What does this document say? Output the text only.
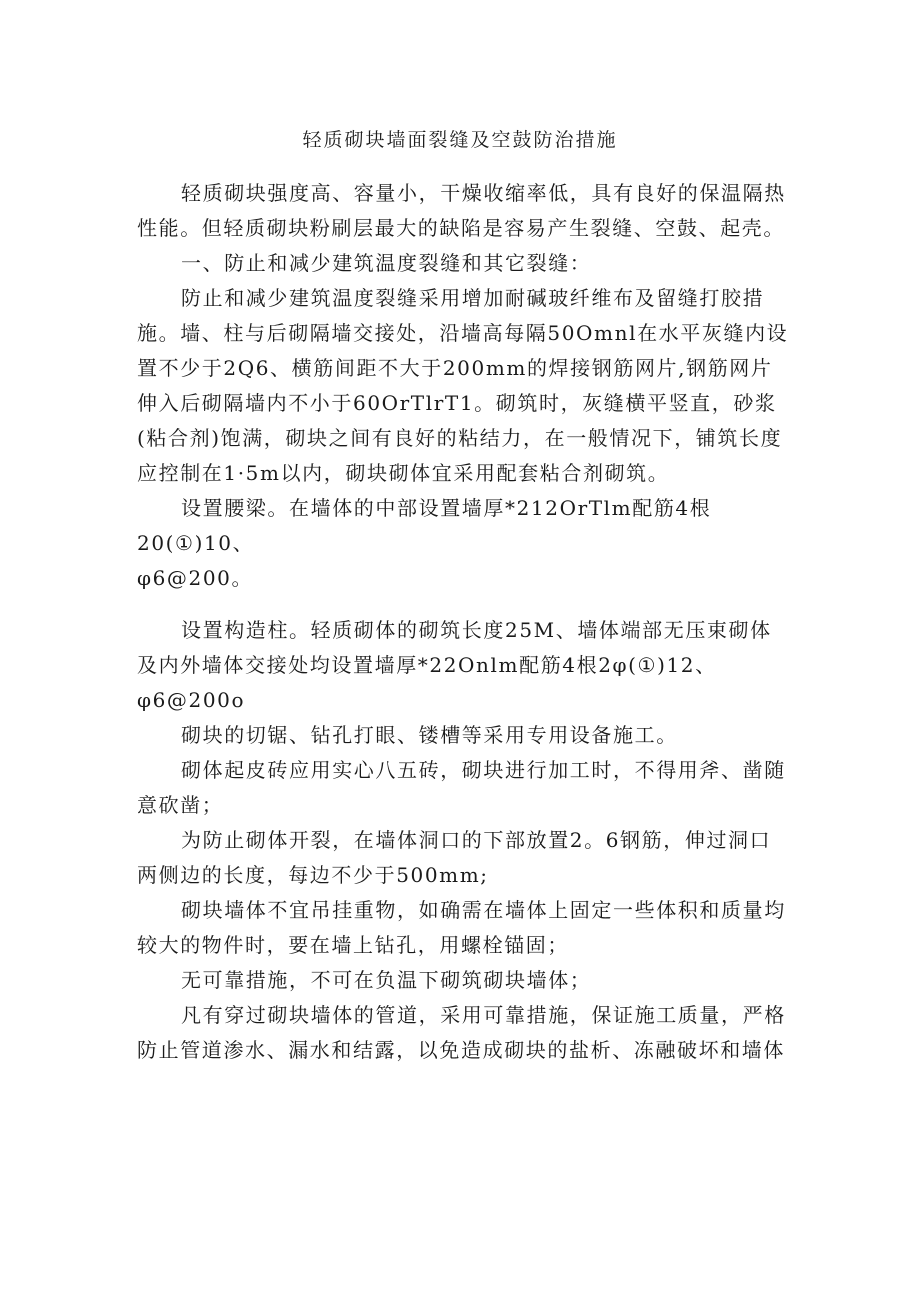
轻质砌块墙面裂缝及空鼓防治措施

轻质砌块强度高、容量小，干燥收缩率低，具有良好的保温隔热性能。但轻质砌块粉刷层最大的缺陷是容易产生裂缝、空鼓、起壳。

一、防止和减少建筑温度裂缝和其它裂缝：

防止和减少建筑温度裂缝采用增加耐碱玻纤维布及留缝打胶措施。墙、柱与后砌隔墙交接处，沿墙高每隔50Omnl在水平灰缝内设置不少于2Q6、横筋间距不大于200mm的焊接钢筋网片,钢筋网片伸入后砌隔墙内不小于60OrTlrT1。砌筑时，灰缝横平竖直，砂浆(粘合剂)饱满，砌块之间有良好的粘结力，在一般情况下，铺筑长度应控制在1·5m以内，砌块砌体宜采用配套粘合剂砌筑。

设置腰梁。在墙体的中部设置墙厚*212OrTlm配筋4根

20(①)10、

φ6@200。

设置构造柱。轻质砌体的砌筑长度25M、墙体端部无压束砌体及内外墙体交接处均设置墙厚*22Onlm配筋4根2φ(①)12、φ6@200o

砌块的切锯、钻孔打眼、镂槽等采用专用设备施工。

砌体起皮砖应用实心八五砖，砌块进行加工时，不得用斧、凿随意砍凿；

为防止砌体开裂，在墙体洞口的下部放置2。6钢筋，伸过洞口两侧边的长度，每边不少于500mm;

砌块墙体不宜吊挂重物，如确需在墙体上固定一些体积和质量均较大的物件时，要在墙上钻孔，用螺栓锚固；

无可靠措施，不可在负温下砌筑砌块墙体；

凡有穿过砌块墙体的管道，采用可靠措施，保证施工质量，严格防止管道渗水、漏水和结露，以免造成砌块的盐析、冻融破坏和墙体
